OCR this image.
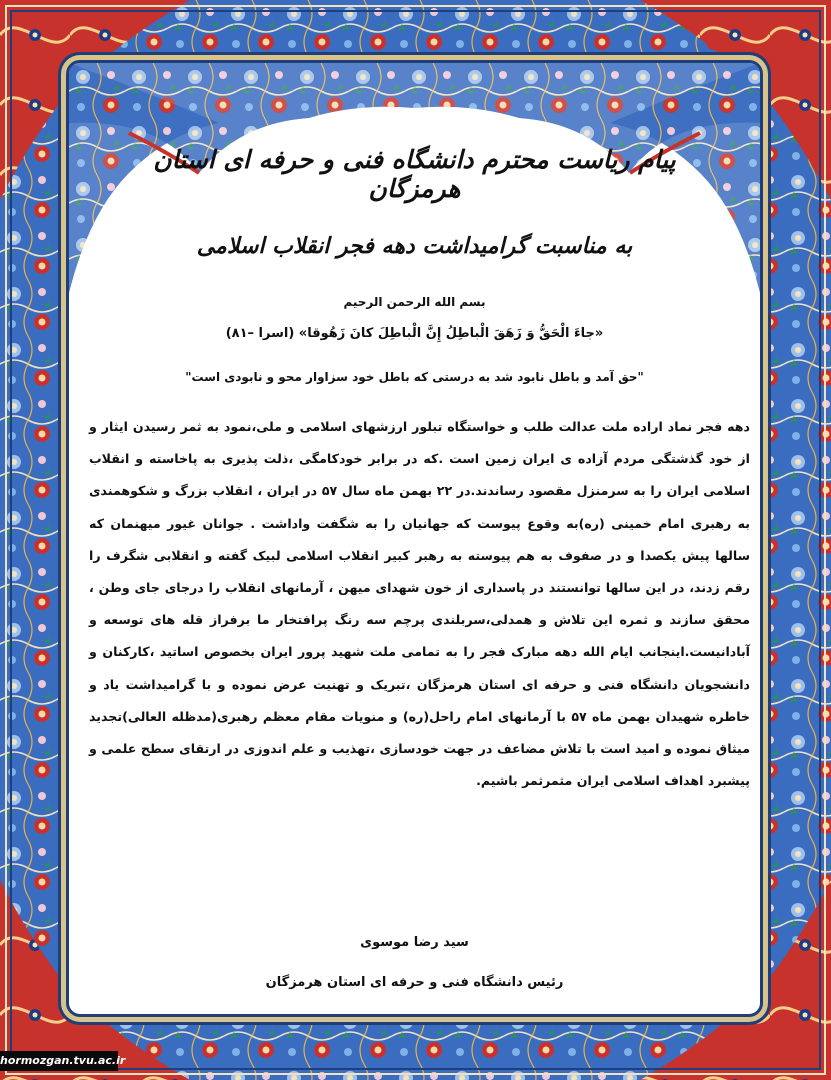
پیام ریاست محترم دانشگاه فنی و حرفه ای استان هرمزگان
به مناسبت گرامیداشت دهه فجر انقلاب اسلامی
بسم الله الرحمن الرحیم
«جاءَ الْحَقُّ وَ زَهَقَ الْباطِلُ إِنَّ الْباطِلَ کانَ زَهُوقا» (اسرا –۸۱)
"حق آمد و باطل نابود شد به درستی که باطل خود سزاوار محو و نابودی است"
دهه فجر نماد اراده ملت عدالت طلب و خواستگاه تبلور ارزشهای اسلامی و ملی،نمود به ثمر رسیدن ایثار و از خود گذشتگی مردم آزاده ی ایران زمین است .که در برابر خودکامگی ،ذلت پذیری به پاخاسته و انقلاب اسلامی ایران را به سرمنزل مقصود رساندند.در ۲۲ بهمن ماه سال ۵۷ در ایران ، انقلاب بزرگ و شکوهمندی به رهبری امام خمینی (ره)به وقوع پیوست که جهانیان را به شگفت واداشت . جوانان غیور میهنمان که سالها پیش یکصدا و در صفوف به هم پیوسته به رهبر کبیر انقلاب اسلامی لبیک گفته و انقلابی شگرف را رقم زدند، در این سالها توانستند در پاسداری از خون شهدای میهن ، آرمانهای انقلاب را درجای جای وطن ، محقق سازند و ثمره این تلاش و همدلی،سربلندی پرچم سه رنگ پرافتخار ما برفراز قله های توسعه و آبادانیست.اینجانب ایام الله دهه مبارک فجر را به تمامی ملت شهید پرور ایران بخصوص اساتید ،کارکنان و دانشجویان دانشگاه فنی و حرفه ای استان هرمزگان ،تبریک و تهنیت عرض نموده و با گرامیداشت یاد و خاطره شهیدان بهمن ماه ۵۷ با آرمانهای امام راحل(ره) و منویات مقام معظم رهبری(مدظله العالی)تجدید میثاق نموده و امید است با تلاش مضاعف در جهت خودسازی ،تهذیب و علم اندوزی در ارتقای سطح علمی و پیشبرد اهداف اسلامی ایران مثمرثمر باشیم.
سید رضا موسوی
رئیس دانشگاه فنی و حرفه ای استان هرمزگان
hormozgan.tvu.ac.ir
